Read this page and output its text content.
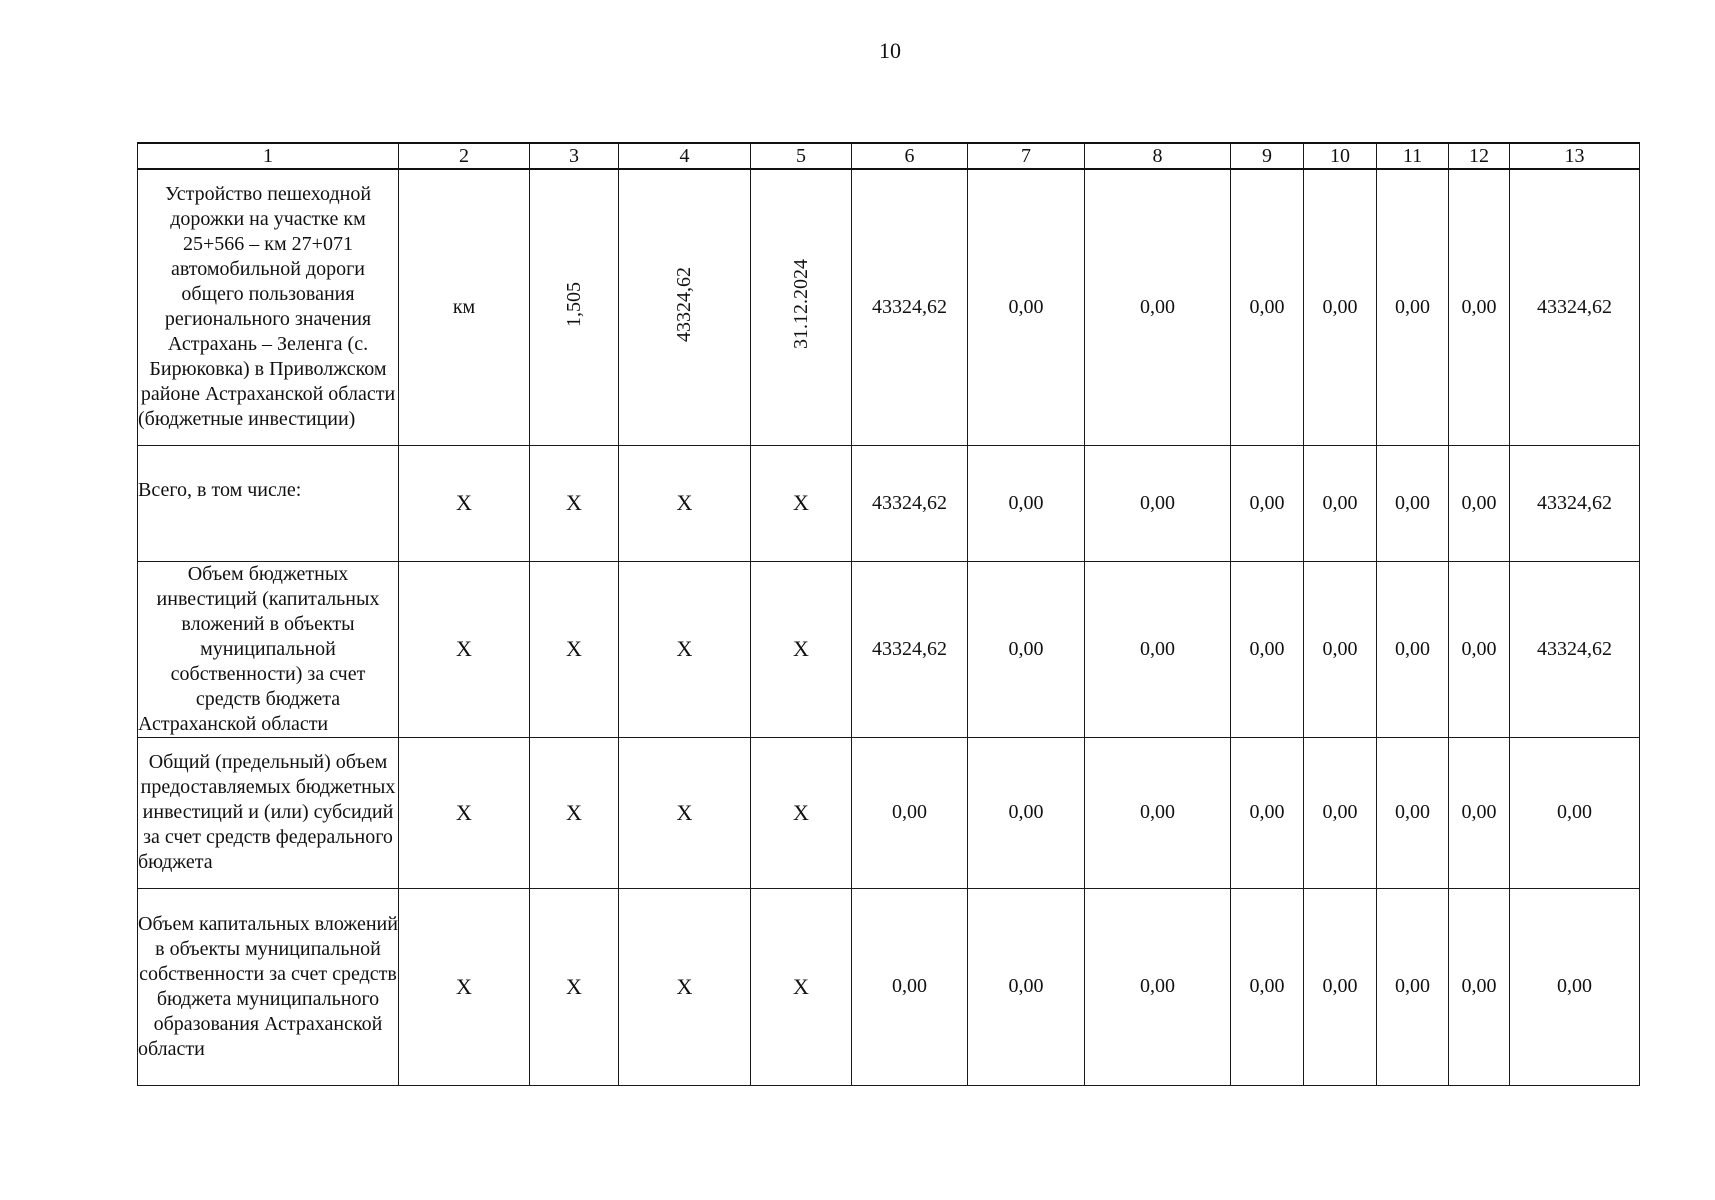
10
1	2	3	4	5	6	7	8	9	10	11	12	13
Устройство пешеходной дорожки на участке км 25+566 – км 27+071 автомобильной дороги общего пользования регионального значения Астрахань – Зеленга (с. Бирюковка) в Приволжском районе Астраханской области (бюджетные инвестиции)	км	1,505	43324,62	31.12.2024	43324,62	0,00	0,00	0,00	0,00	0,00	0,00	43324,62
Всего, в том числе:	Х	Х	Х	Х	43324,62	0,00	0,00	0,00	0,00	0,00	0,00	43324,62
Объем бюджетных инвестиций (капитальных вложений в объекты муниципальной собственности) за счет средств бюджета Астраханской области	Х	Х	Х	Х	43324,62	0,00	0,00	0,00	0,00	0,00	0,00	43324,62
Общий (предельный) объем предоставляемых бюджетных инвестиций и (или) субсидий за счет средств федерального бюджета	Х	Х	Х	Х	0,00	0,00	0,00	0,00	0,00	0,00	0,00	0,00
Объем капитальных вложений в объекты муниципальной собственности за счет средств бюджета муниципального образования Астраханской области	Х	Х	Х	Х	0,00	0,00	0,00	0,00	0,00	0,00	0,00	0,00
